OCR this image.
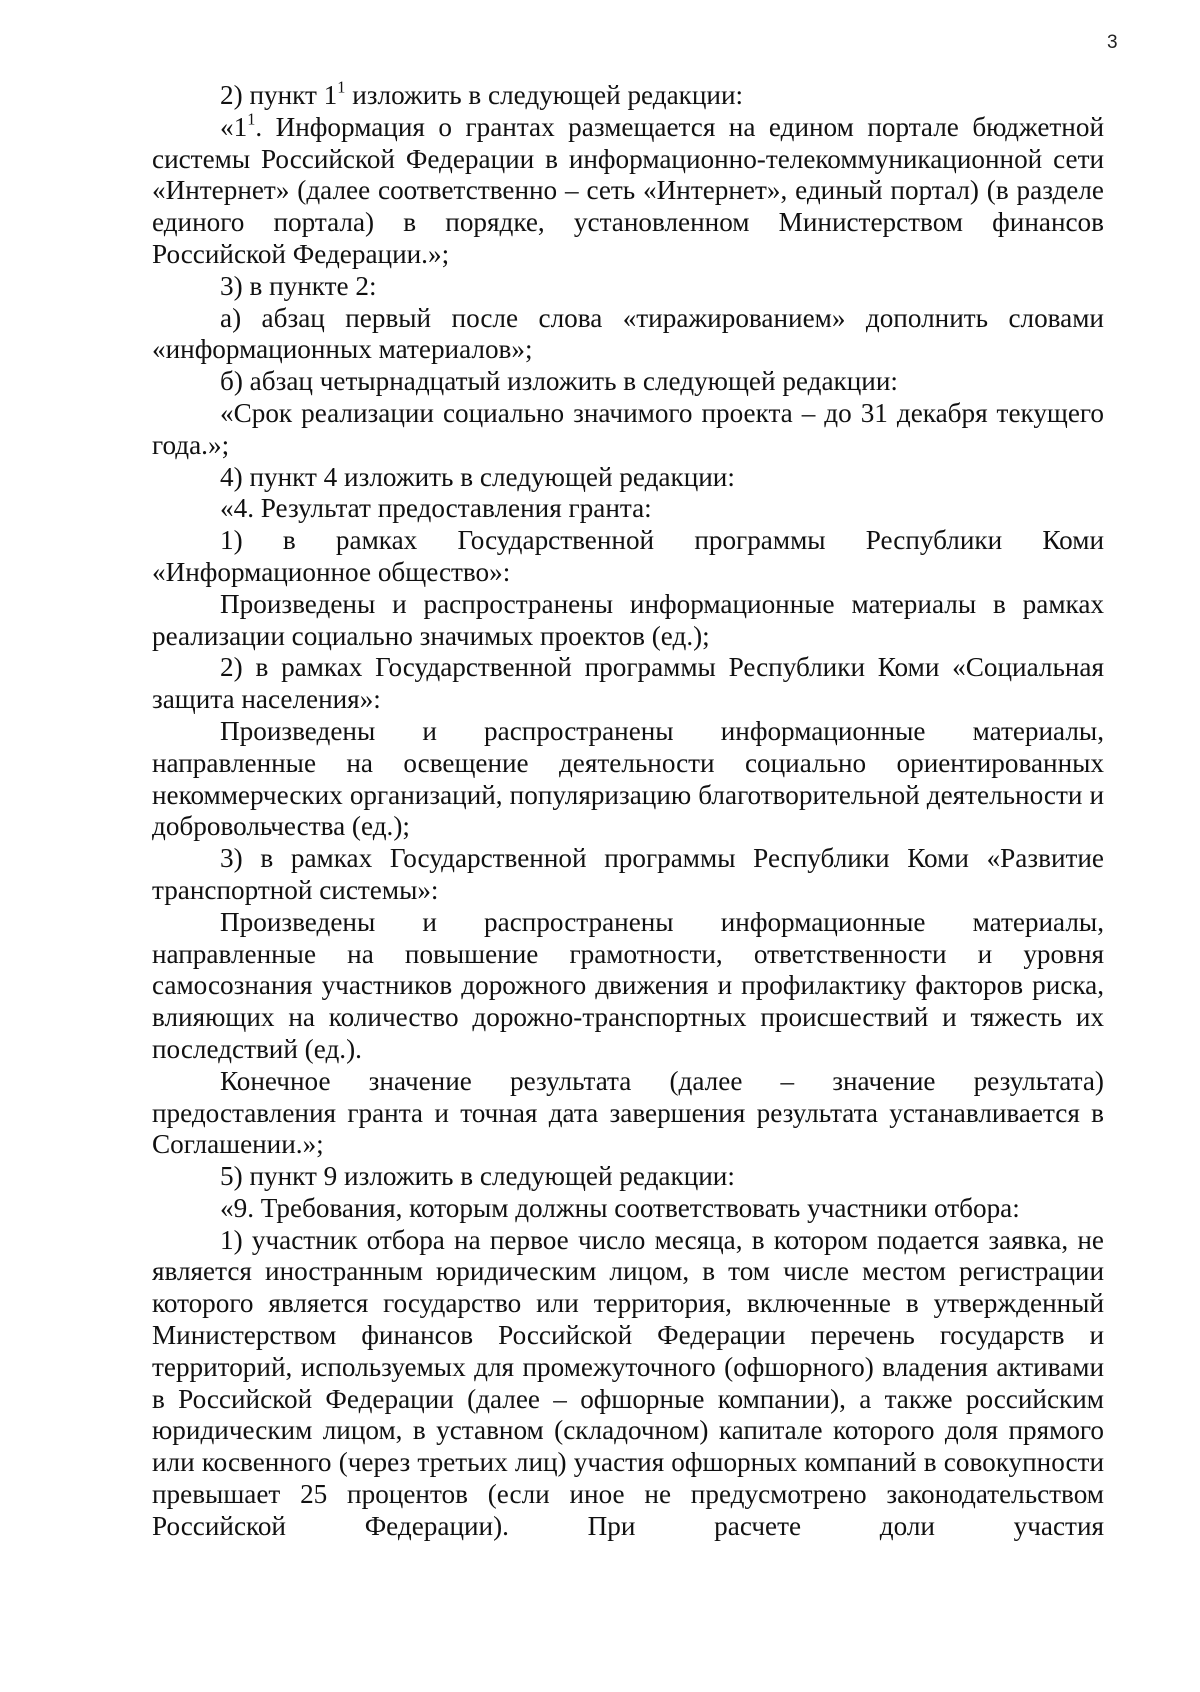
3

2) пункт $1^1$ изложить в следующей редакции:

«$1^1$. Информация о грантах размещается на едином портале бюджетной системы Российской Федерации в информационно-телекоммуникационной сети «Интернет» (далее соответственно – сеть «Интернет», единый портал) (в разделе единого портала) в порядке, установленном Министерством финансов Российской Федерации.»;

3) в пункте 2:

а) абзац первый после слова «тиражированием» дополнить словами «информационных материалов»;

б) абзац четырнадцатый изложить в следующей редакции:

«Срок реализации социально значимого проекта – до 31 декабря текущего года.»;

4) пункт 4 изложить в следующей редакции:

«4. Результат предоставления гранта:

1) в рамках Государственной программы Республики Коми «Информационное общество»:

Произведены и распространены информационные материалы в рамках реализации социально значимых проектов (ед.);

2) в рамках Государственной программы Республики Коми «Социальная защита населения»:

Произведены и распространены информационные материалы, направленные на освещение деятельности социально ориентированных некоммерческих организаций, популяризацию благотворительной деятельности и добровольчества (ед.);

3) в рамках Государственной программы Республики Коми «Развитие транспортной системы»:

Произведены и распространены информационные материалы, направленные на повышение грамотности, ответственности и уровня самосознания участников дорожного движения и профилактику факторов риска, влияющих на количество дорожно-транспортных происшествий и тяжесть их последствий (ед.).

Конечное значение результата (далее – значение результата) предоставления гранта и точная дата завершения результата устанавливается в Соглашении.»;

5) пункт 9 изложить в следующей редакции:

«9. Требования, которым должны соответствовать участники отбора:

1) участник отбора на первое число месяца, в котором подается заявка, не является иностранным юридическим лицом, в том числе местом регистрации которого является государство или территория, включенные в утвержденный Министерством финансов Российской Федерации перечень государств и территорий, используемых для промежуточного (офшорного) владения активами в Российской Федерации (далее – офшорные компании), а также российским юридическим лицом, в уставном (складочном) капитале которого доля прямого или косвенного (через третьих лиц) участия офшорных компаний в совокупности превышает 25 процентов (если иное не предусмотрено законодательством Российской Федерации). При расчете доли участия
